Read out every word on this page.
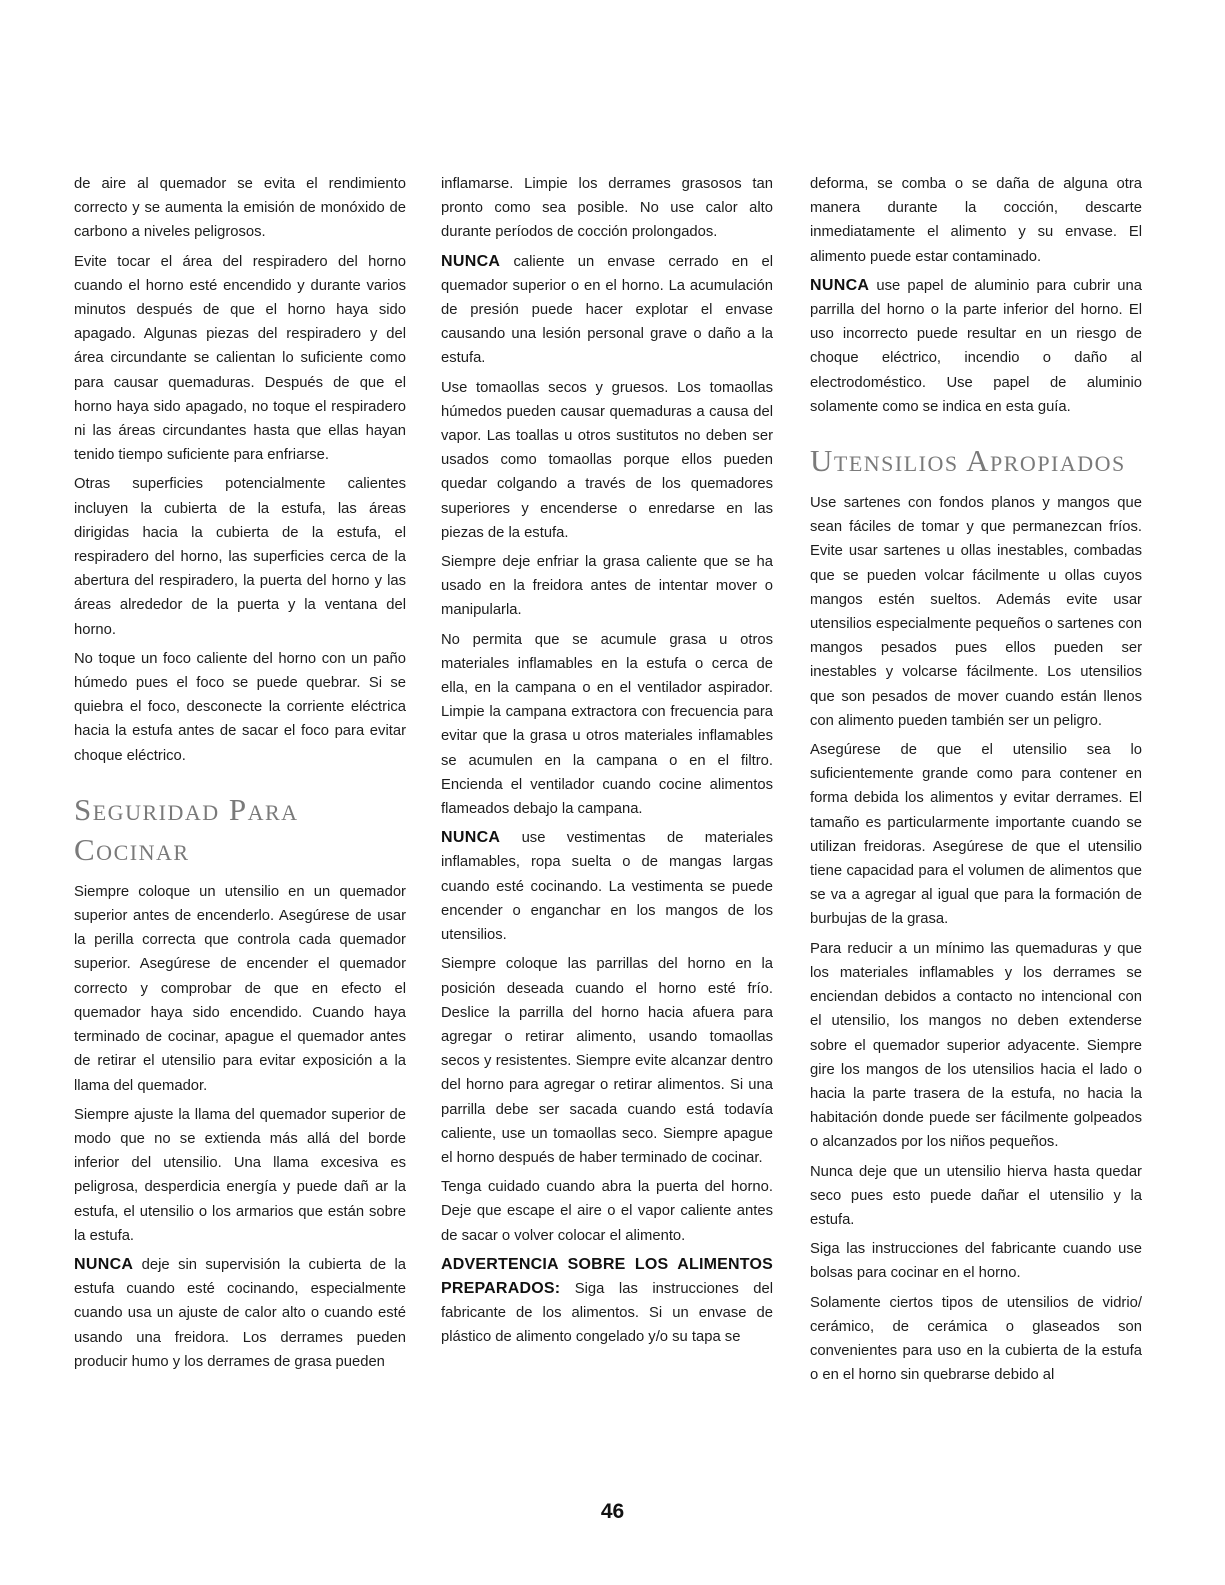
de aire al quemador se evita el rendimiento correcto y se aumenta la emisión de monóxido de carbono a niveles peligrosos.

Evite tocar el área del respiradero del horno cuando el horno esté encendido y durante varios minutos después de que el horno haya sido apagado. Algunas piezas del respiradero y del área circundante se calientan lo suficiente como para causar quemaduras. Después de que el horno haya sido apagado, no toque el respiradero ni las áreas circundantes hasta que ellas hayan tenido tiempo suficiente para enfriarse.

Otras superficies potencialmente calientes incluyen la cubierta de la estufa, las áreas dirigidas hacia la cubierta de la estufa, el respiradero del horno, las superficies cerca de la abertura del respiradero, la puerta del horno y las áreas alrededor de la puerta y la ventana del horno.

No toque un foco caliente del horno con un paño húmedo pues el foco se puede quebrar. Si se quiebra el foco, desconecte la corriente eléctrica hacia la estufa antes de sacar el foco para evitar choque eléctrico.

Seguridad Para
Cocinar

Siempre coloque un utensilio en un quemador superior antes de encenderlo. Asegúrese de usar la perilla correcta que controla cada quemador superior. Asegúrese de encender el quemador correcto y comprobar de que en efecto el quemador haya sido encendido. Cuando haya terminado de cocinar, apague el quemador antes de retirar el utensilio para evitar exposición a la llama del quemador.

Siempre ajuste la llama del quemador superior de modo que no se extienda más allá del borde inferior del utensilio. Una llama excesiva es peligrosa, desperdicia energía y puede dañ ar la estufa, el utensilio o los armarios que están sobre la estufa.

NUNCA deje sin supervisión la cubierta de la estufa cuando esté cocinando, especialmente cuando usa un ajuste de calor alto o cuando esté usando una freidora. Los derrames pueden producir humo y los derrames de grasa pueden

inflamarse. Limpie los derrames grasosos tan pronto como sea posible. No use calor alto durante períodos de cocción prolongados.

NUNCA caliente un envase cerrado en el quemador superior o en el horno. La acumulación de presión puede hacer explotar el envase causando una lesión personal grave o daño a la estufa.

Use tomaollas secos y gruesos. Los tomaollas húmedos pueden causar quemaduras a causa del vapor. Las toallas u otros sustitutos no deben ser usados como tomaollas porque ellos pueden quedar colgando a través de los quemadores superiores y encenderse o enredarse en las piezas de la estufa.

Siempre deje enfriar la grasa caliente que se ha usado en la freidora antes de intentar mover o manipularla.

No permita que se acumule grasa u otros materiales inflamables en la estufa o cerca de ella, en la campana o en el ventilador aspirador. Limpie la campana extractora con frecuencia para evitar que la grasa u otros materiales inflamables se acumulen en la campana o en el filtro. Encienda el ventilador cuando cocine alimentos flameados debajo la campana.

NUNCA use vestimentas de materiales inflamables, ropa suelta o de mangas largas cuando esté cocinando. La vestimenta se puede encender o enganchar en los mangos de los utensilios.

Siempre coloque las parrillas del horno en la posición deseada cuando el horno esté frío. Deslice la parrilla del horno hacia afuera para agregar o retirar alimento, usando tomaollas secos y resistentes. Siempre evite alcanzar dentro del horno para agregar o retirar alimentos. Si una parrilla debe ser sacada cuando está todavía caliente, use un tomaollas seco. Siempre apague el horno después de haber terminado de cocinar.

Tenga cuidado cuando abra la puerta del horno. Deje que escape el aire o el vapor caliente antes de sacar o volver colocar el alimento.

ADVERTENCIA SOBRE LOS ALIMENTOS PREPARADOS: Siga las instrucciones del fabricante de los alimentos. Si un envase de plástico de alimento congelado y/o su tapa se

deforma, se comba o se daña de alguna otra manera durante la cocción, descarte inmediatamente el alimento y su envase. El alimento puede estar contaminado.

NUNCA use papel de aluminio para cubrir una parrilla del horno o la parte inferior del horno. El uso incorrecto puede resultar en un riesgo de choque eléctrico, incendio o daño al electrodoméstico. Use papel de aluminio solamente como se indica en esta guía.

Utensilios Apropiados

Use sartenes con fondos planos y mangos que sean fáciles de tomar y que permanezcan fríos. Evite usar sartenes u ollas inestables, combadas que se pueden volcar fácilmente u ollas cuyos mangos estén sueltos. Además evite usar utensilios especialmente pequeños o sartenes con mangos pesados pues ellos pueden ser inestables y volcarse fácilmente. Los utensilios que son pesados de mover cuando están llenos con alimento pueden también ser un peligro.

Asegúrese de que el utensilio sea lo suficientemente grande como para contener en forma debida los alimentos y evitar derrames. El tamaño es particularmente importante cuando se utilizan freidoras. Asegúrese de que el utensilio tiene capacidad para el volumen de alimentos que se va a agregar al igual que para la formación de burbujas de la grasa.

Para reducir a un mínimo las quemaduras y que los materiales inflamables y los derrames se enciendan debidos a contacto no intencional con el utensilio, los mangos no deben extenderse sobre el quemador superior adyacente. Siempre gire los mangos de los utensilios hacia el lado o hacia la parte trasera de la estufa, no hacia la habitación donde puede ser fácilmente golpeados o alcanzados por los niños pequeños.

Nunca deje que un utensilio hierva hasta quedar seco pues esto puede dañar el utensilio y la estufa.

Siga las instrucciones del fabricante cuando use bolsas para cocinar en el horno.

Solamente ciertos tipos de utensilios de vidrio/ cerámico, de cerámica o glaseados son convenientes para uso en la cubierta de la estufa o en el horno sin quebrarse debido al

46
